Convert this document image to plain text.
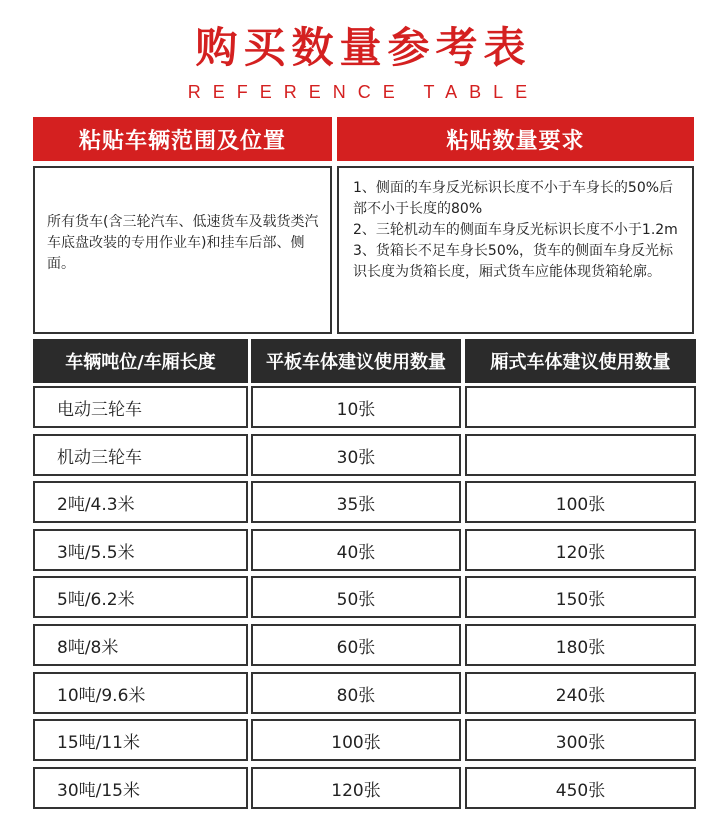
购买数量参考表
REFERENCE TABLE
粘贴车辆范围及位置	粘贴数量要求
所有货车(含三轮汽车、低速货车及载货类汽车底盘改装的专用作业车)和挂车后部、侧面。
1、侧面的车身反光标识长度不小于车身长的50%后部不小于长度的80%
2、三轮机动车的侧面车身反光标识长度不小于1.2m
3、货箱长不足车身长50%，货车的侧面车身反光标 识长度为货箱长度，厢式货车应能体现货箱轮廓。
车辆吨位/车厢长度	平板车体建议使用数量	厢式车体建议使用数量
电动三轮车	10张
机动三轮车	30张
2吨/4.3米	35张	100张
3吨/5.5米	40张	120张
5吨/6.2米	50张	150张
8吨/8米	60张	180张
10吨/9.6米	80张	240张
15吨/11米	100张	300张
30吨/15米	120张	450张
